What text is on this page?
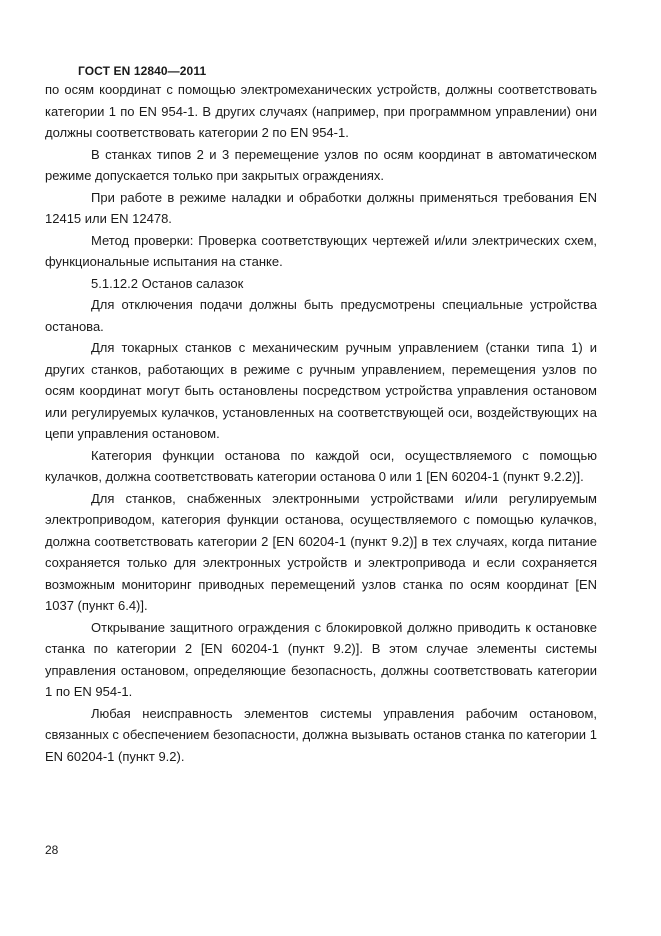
ГОСТ EN 12840—2011

по осям координат с помощью электромеханических устройств, должны соответствовать категории 1 по EN 954-1. В других случаях (например, при программном управлении) они должны соответствовать категории 2 по EN 954-1.

В станках типов 2 и 3 перемещение узлов по осям координат в автоматическом режиме допускается только при закрытых ограждениях.

При работе в режиме наладки и обработки должны применяться требования EN 12415 или EN 12478.

Метод проверки: Проверка соответствующих чертежей и/или электрических схем, функциональные испытания на станке.

5.1.12.2 Останов салазок

Для отключения подачи должны быть предусмотрены специальные устройства останова.

Для токарных станков с механическим ручным управлением (станки типа 1) и других станков, работающих в режиме с ручным управлением, перемещения узлов по осям координат могут быть остановлены посредством устройства управления остановом или регулируемых кулачков, установленных на соответствующей оси, воздействующих на цепи управления остановом.

Категория функции останова по каждой оси, осуществляемого с помощью кулачков, должна соответствовать категории останова 0 или 1 [EN 60204-1 (пункт 9.2.2)].

Для станков, снабженных электронными устройствами и/или регулируемым электроприводом, категория функции останова, осуществляемого с помощью кулачков, должна соответствовать категории 2 [EN 60204-1 (пункт 9.2)] в тех случаях, когда питание сохраняется только для электронных устройств и электропривода и если сохраняется возможным мониторинг приводных перемещений узлов станка по осям координат [EN 1037 (пункт 6.4)].

Открывание защитного ограждения с блокировкой должно приводить к остановке станка по категории 2 [EN 60204-1 (пункт 9.2)]. В этом случае элементы системы управления остановом, определяющие безопасность, должны соответствовать категории 1 по EN 954-1.

Любая неисправность элементов системы управления рабочим остановом, связанных с обеспечением безопасности, должна вызывать останов станка по категории 1 EN 60204-1 (пункт 9.2).

28
